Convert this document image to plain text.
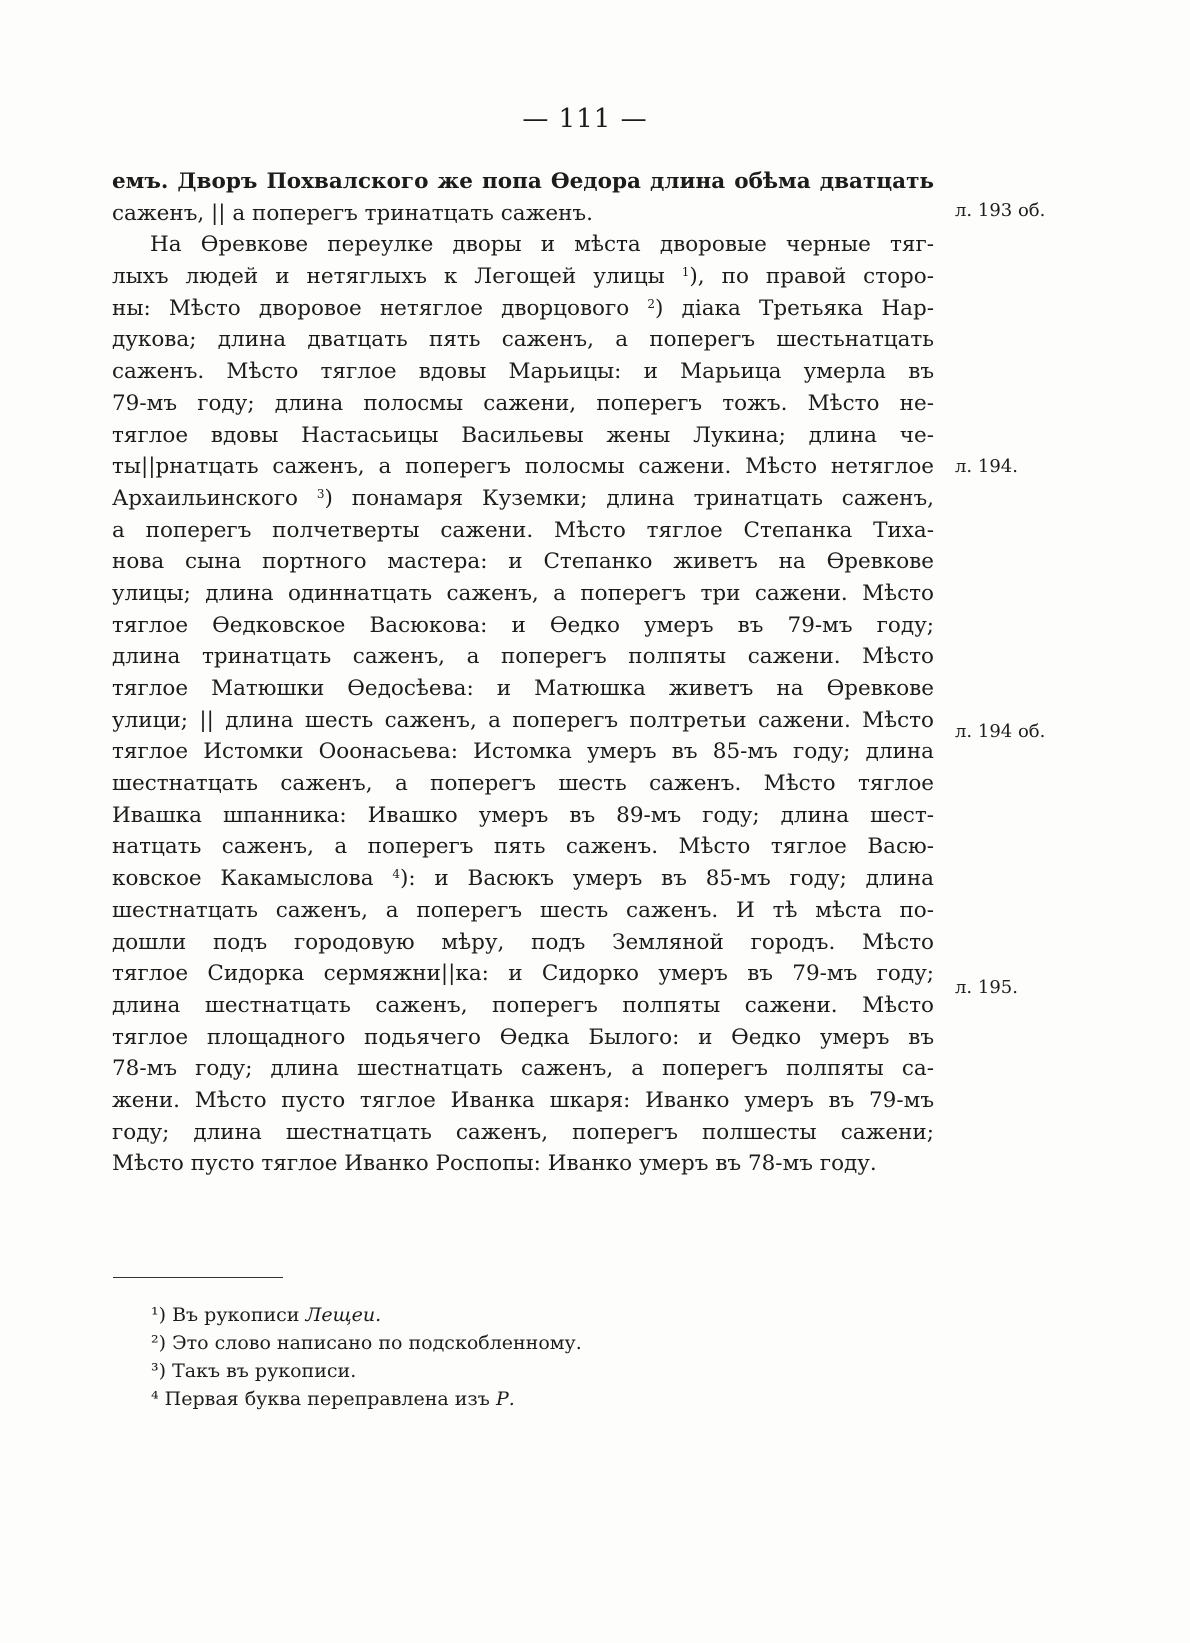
— 111 —
емъ. Дворъ Похвалского же попа Ѳедора длина обѣма дватцать
саженъ, || а поперегъ тринатцать саженъ.
На Ѳревкове переулке дворы и мѣста дворовые черные тяг-
лыхъ людей и нетяглыхъ к Легощей улицы $^1$), по правой сторо-
ны: Мѣсто дворовое нетяглое дворцового $^2$) дiака Третьяка Нар-
дукова; длина дватцать пять саженъ, а поперегъ шестьнатцать
саженъ. Мѣсто тяглое вдовы Марьицы: и Марьица умерла въ
79-мъ году; длина полосмы сажени, поперегъ тожъ. Мѣсто не-
тяглое вдовы Настасьицы Васильевы жены Лукина; длина че-
ты||рнатцать саженъ, а поперегъ полосмы сажени. Мѣсто нетяглое
Архаильинского $^3$) понамаря Куземки; длина тринатцать саженъ,
а поперегъ полчетверты сажени. Мѣсто тяглое Степанка Тиха-
нова сына портного мастера: и Степанко живетъ на Ѳревкове
улицы; длина одиннатцать саженъ, а поперегъ три сажени. Мѣсто
тяглое Ѳедковское Васюкова: и Ѳедко умеръ въ 79-мъ году;
длина тринатцать саженъ, а поперегъ полпяты сажени. Мѣсто
тяглое Матюшки Ѳедосѣева: и Матюшка живетъ на Ѳревкове
улици; || длина шесть саженъ, а поперегъ полтретьи сажени. Мѣсто
тяглое Истомки Ооонасьева: Истомка умеръ въ 85-мъ году; длина
шестнатцать саженъ, а поперегъ шесть саженъ. Мѣсто тяглое
Ивашка шпанника: Ивашко умеръ въ 89-мъ году; длина шест-
натцать саженъ, а поперегъ пять саженъ. Мѣсто тяглое Васю-
ковское Какамыслова $^4$): и Васюкъ умеръ въ 85-мъ году; длина
шестнатцать саженъ, а поперегъ шесть саженъ. И тѣ мѣста по-
дошли подъ городовую мѣру, подъ Земляной городъ. Мѣсто
тяглое Сидорка сермяжни||ка: и Сидорко умеръ въ 79-мъ году;
длина шестнатцать саженъ, поперегъ полпяты сажени. Мѣсто
тяглое площадного подьячего Ѳедка Былого: и Ѳедко умеръ въ
78-мъ году; длина шестнатцать саженъ, а поперегъ полпяты са-
жени. Мѣсто пусто тяглое Иванка шкаря: Иванко умеръ въ 79-мъ
году; длина шестнатцать саженъ, поперегъ полшесты сажени;
Мѣсто пусто тяглое Иванко Роспопы: Иванко умеръ въ 78-мъ году.
л. 193 об.
л. 194.
л. 194 об.
л. 195.
¹) Въ рукописи Лещеи.
²) Это слово написано по подскобленному.
³) Такъ въ рукописи.
⁴ Первая буква переправлена изъ Р.
